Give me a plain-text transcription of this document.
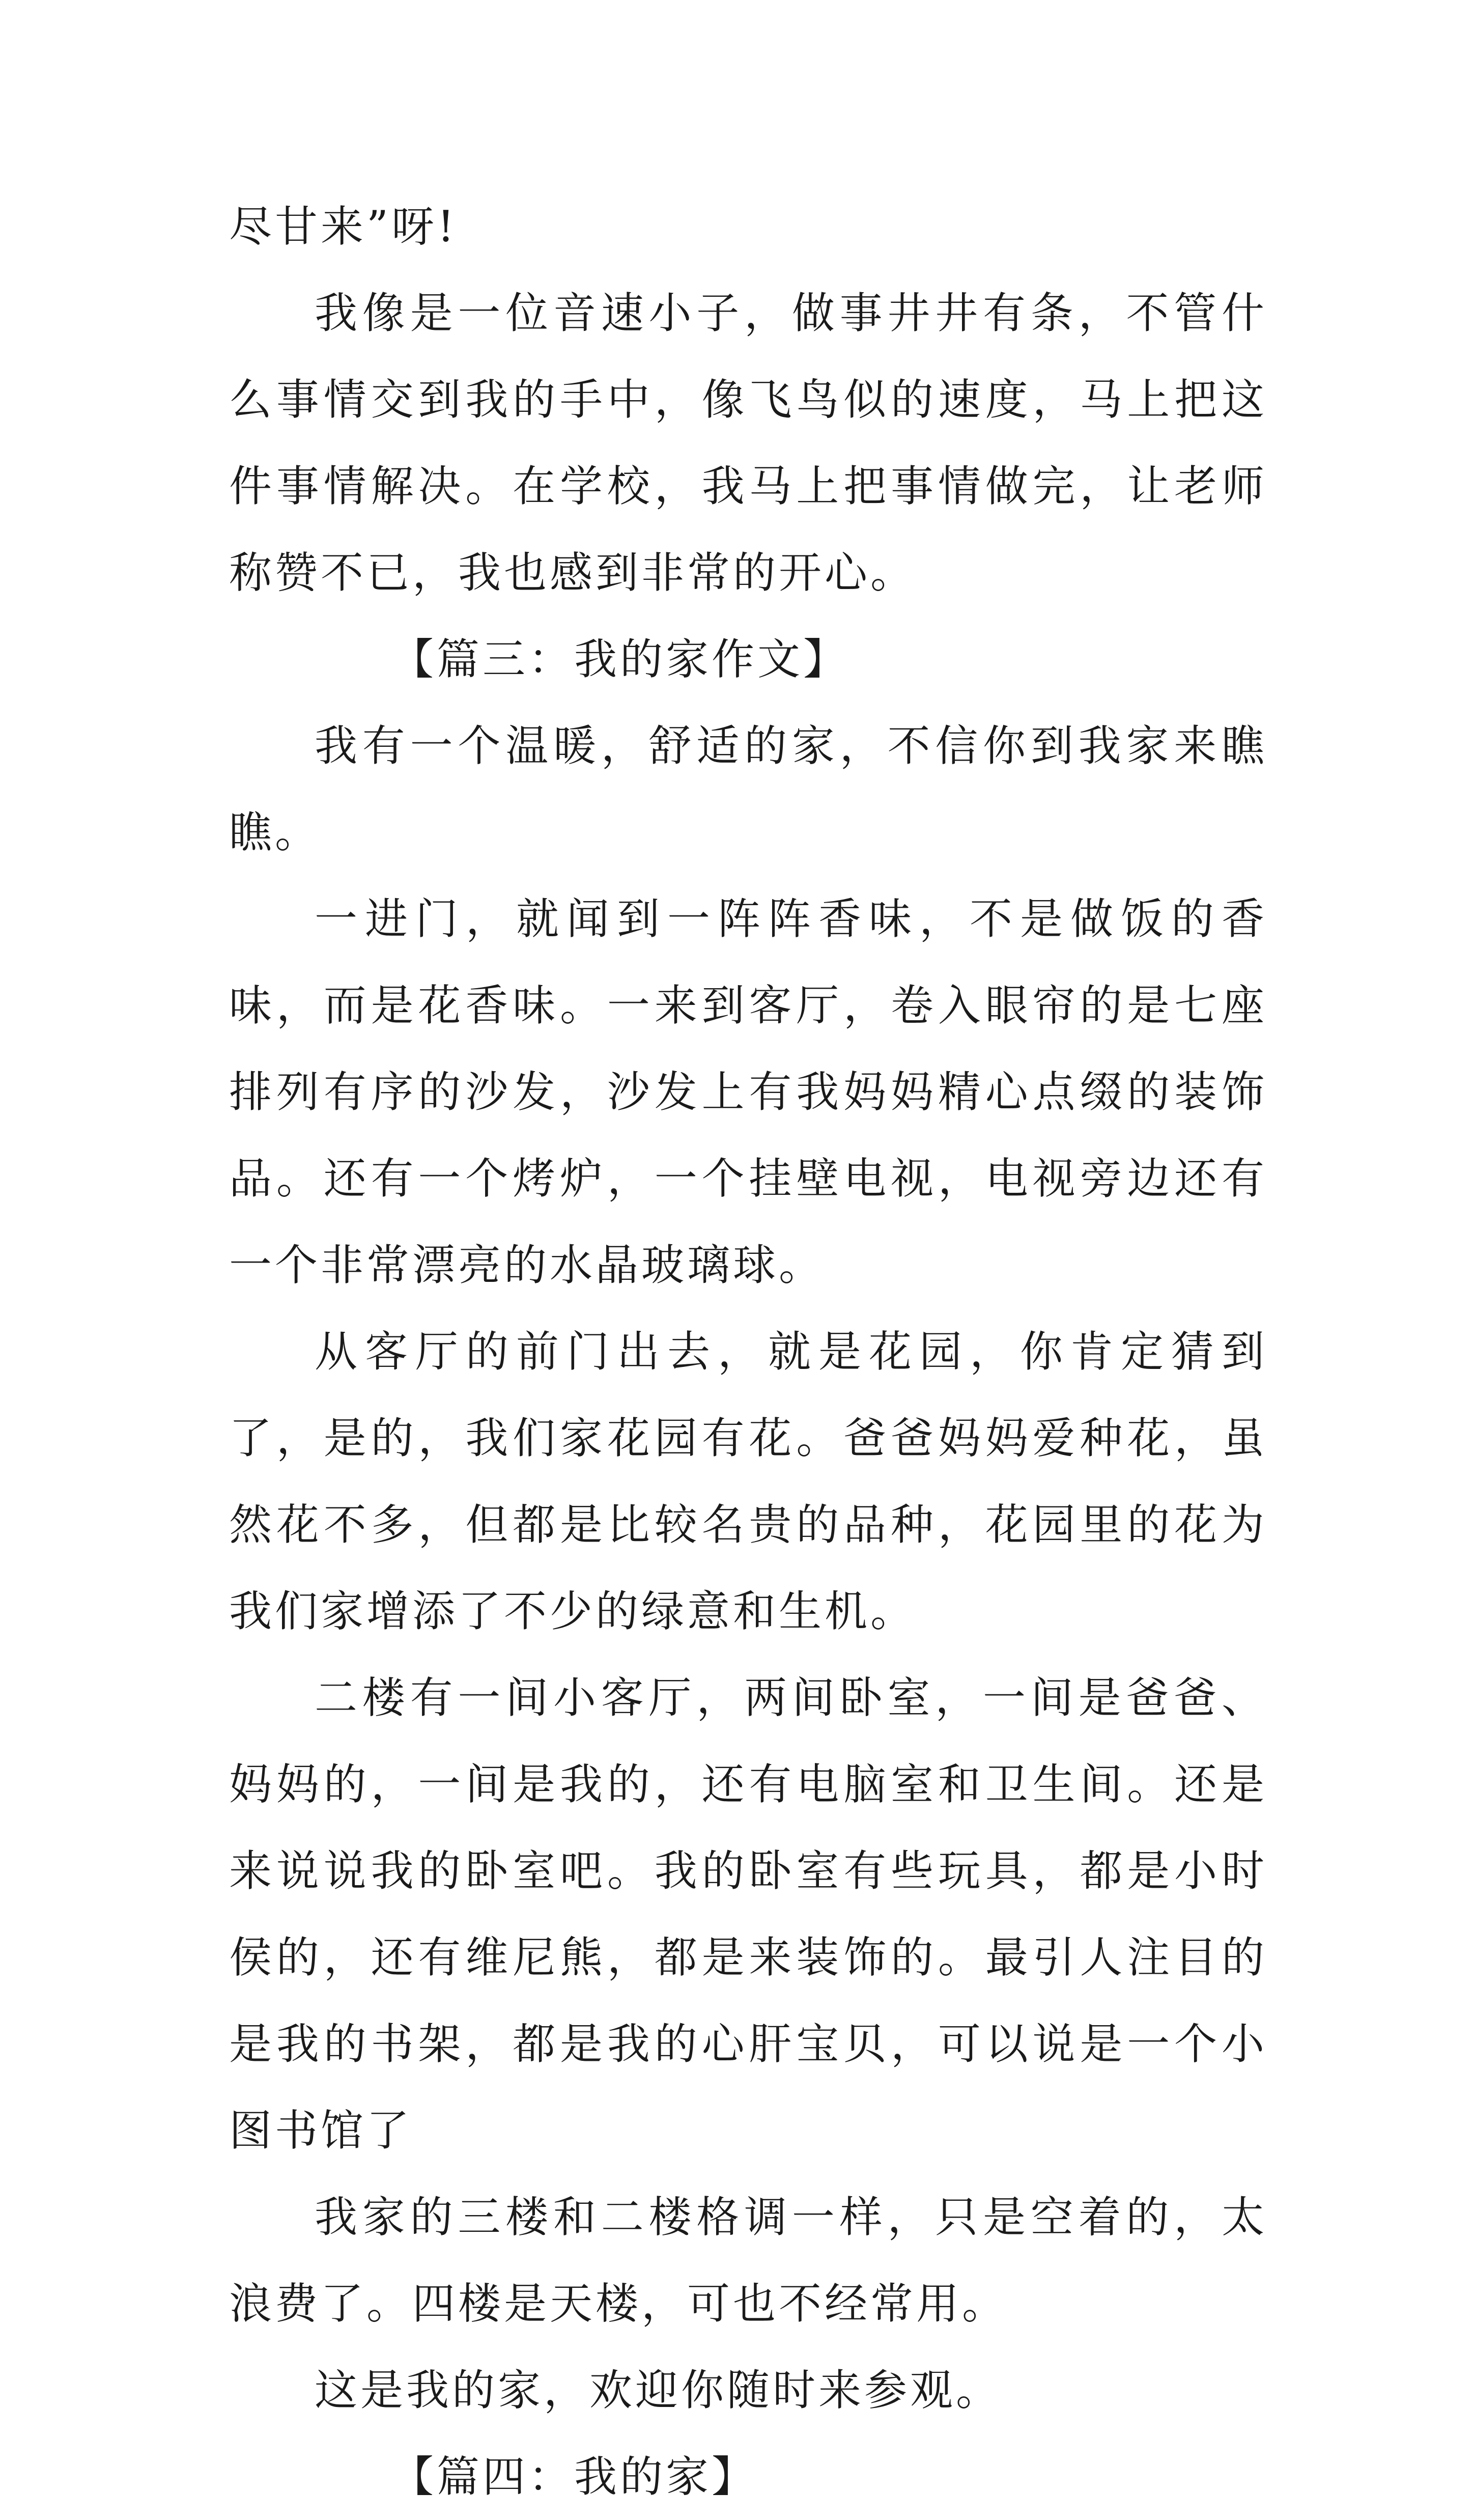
尽甘来”呀!

我像是一位音速小子，做事井井有条，不管什么事情交到我的手中，像飞鸟似的速度，马上把这件事情解决。在学校，我马上把事情做完，让老师称赞不已，我也感到非常的开心。

【篇三：我的家作文】

我有一个温暖，舒适的家，不信你到我家来瞧瞧。

一进门，就闻到一阵阵香味，不是做饭的香味，而是花香味。一来到客厅，卷入眼帘的是七座排列有序的沙发，沙发上有我妈妈精心点缀的装饰品。还有一个烤炉，一个挂壁电视，电视旁边还有一个非常漂亮的水晶玻璃球。

从客厅的前门出去，就是花园，你肯定猜到了，是的，我们家花园有花。爸爸妈妈爱种花，虽然花不多，但都是比较名贵的品种，花园里的花为我们家增添了不少的绿意和生机。

二楼有一间小客厅，两间卧室，一间是爸爸、妈妈的，一间是我的，还有电脑室和卫生间。还是来说说我的卧室吧。我的卧室有些玩具，都是小时侯的，还有维尼熊，都是来装饰的。最引人注目的是我的书架，都是我的心肝宝贝，可以说是一个小图书馆了

我家的三楼和二楼格调一样，只是空着的，太浪费了。四楼是天楼，可也不经常用。

这是我的家，欢迎你随时来参观。

【篇四：我的家】
